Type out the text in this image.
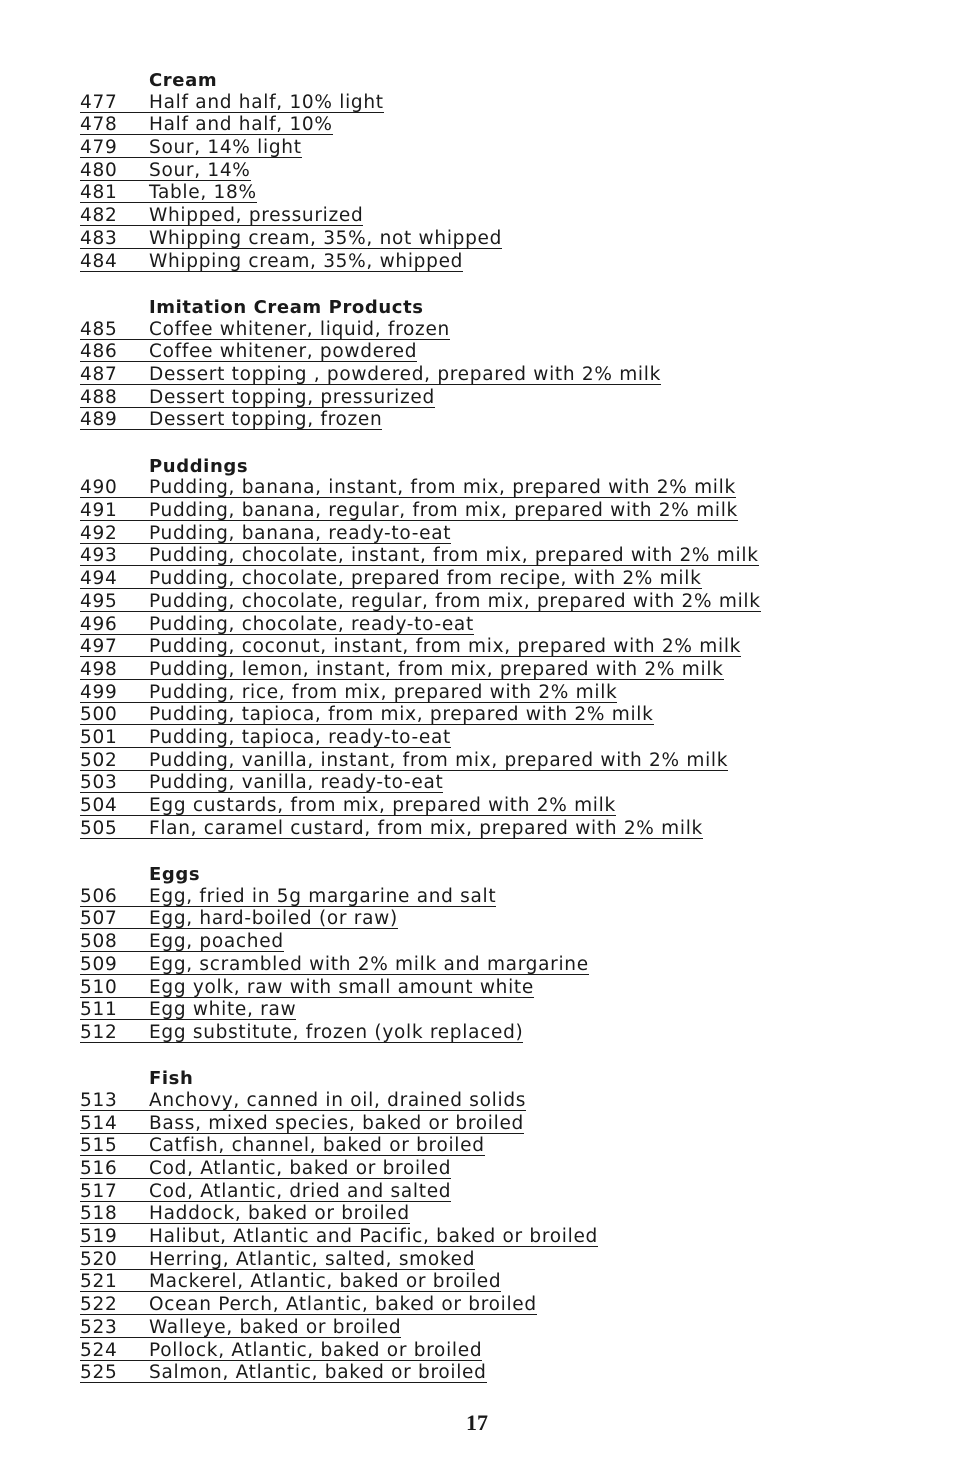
Cream
477 Half and half, 10% light
478 Half and half, 10%
479 Sour, 14% light
480 Sour, 14%
481 Table, 18%
482 Whipped, pressurized
483 Whipping cream, 35%, not whipped
484 Whipping cream, 35%, whipped
Imitation Cream Products
485 Coffee whitener, liquid, frozen
486 Coffee whitener, powdered
487 Dessert topping , powdered, prepared with 2% milk
488 Dessert topping, pressurized
489 Dessert topping, frozen
Puddings
490 Pudding, banana, instant, from mix, prepared with 2% milk
491 Pudding, banana, regular, from mix, prepared with 2% milk
492 Pudding, banana, ready-to-eat
493 Pudding, chocolate, instant, from mix, prepared with 2% milk
494 Pudding, chocolate, prepared from recipe, with 2% milk
495 Pudding, chocolate, regular, from mix, prepared with 2% milk
496 Pudding, chocolate, ready-to-eat
497 Pudding, coconut, instant, from mix, prepared with 2% milk
498 Pudding, lemon, instant, from mix, prepared with 2% milk
499 Pudding, rice, from mix, prepared with 2% milk
500 Pudding, tapioca, from mix, prepared with 2% milk
501 Pudding, tapioca, ready-to-eat
502 Pudding, vanilla, instant, from mix, prepared with 2% milk
503 Pudding, vanilla, ready-to-eat
504 Egg custards, from mix, prepared with 2% milk
505 Flan, caramel custard, from mix, prepared with 2% milk
Eggs
506 Egg, fried in 5g margarine and salt
507 Egg, hard-boiled (or raw)
508 Egg, poached
509 Egg, scrambled with 2% milk and margarine
510 Egg yolk, raw with small amount white
511 Egg white, raw
512 Egg substitute, frozen (yolk replaced)
Fish
513 Anchovy, canned in oil, drained solids
514 Bass, mixed species, baked or broiled
515 Catfish, channel, baked or broiled
516 Cod, Atlantic, baked or broiled
517 Cod, Atlantic, dried and salted
518 Haddock, baked or broiled
519 Halibut, Atlantic and Pacific, baked or broiled
520 Herring, Atlantic, salted, smoked
521 Mackerel, Atlantic, baked or broiled
522 Ocean Perch, Atlantic, baked or broiled
523 Walleye, baked or broiled
524 Pollock, Atlantic, baked or broiled
525 Salmon, Atlantic, baked or broiled
17
